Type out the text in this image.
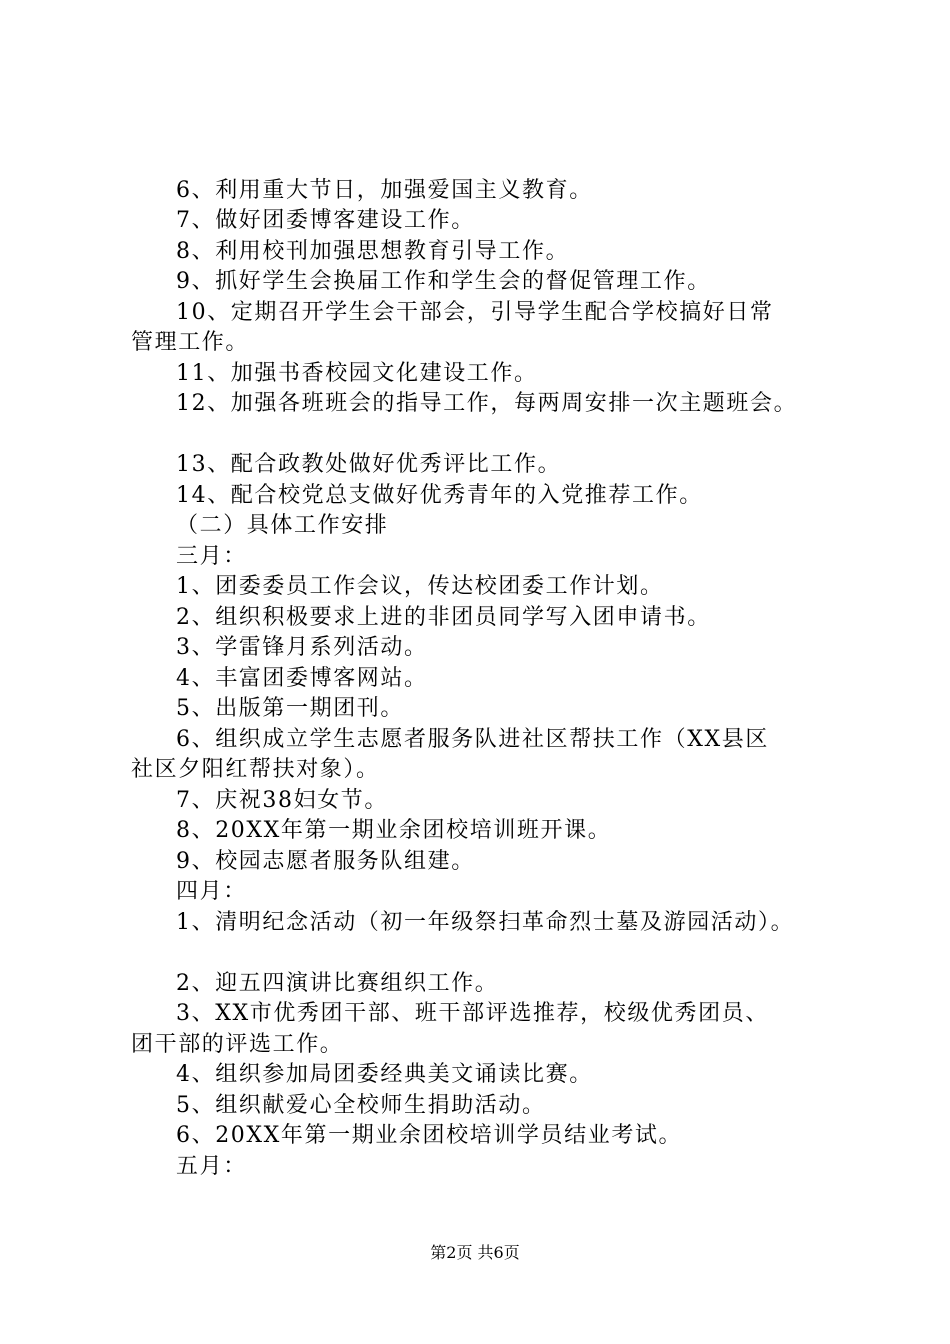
6、利用重大节日，加强爱国主义教育。
7、做好团委博客建设工作。
8、利用校刊加强思想教育引导工作。
9、抓好学生会换届工作和学生会的督促管理工作。
10、定期召开学生会干部会，引导学生配合学校搞好日常
管理工作。
11、加强书香校园文化建设工作。
12、加强各班班会的指导工作，每两周安排一次主题班会。
13、配合政教处做好优秀评比工作。
14、配合校党总支做好优秀青年的入党推荐工作。
（二）具体工作安排
三月：
1、团委委员工作会议，传达校团委工作计划。
2、组织积极要求上进的非团员同学写入团申请书。
3、学雷锋月系列活动。
4、丰富团委博客网站。
5、出版第一期团刊。
6、组织成立学生志愿者服务队进社区帮扶工作（XX县区
社区夕阳红帮扶对象）。
7、庆祝38妇女节。
8、20XX年第一期业余团校培训班开课。
9、校园志愿者服务队组建。
四月：
1、清明纪念活动（初一年级祭扫革命烈士墓及游园活动）。
2、迎五四演讲比赛组织工作。
3、XX市优秀团干部、班干部评选推荐，校级优秀团员、
团干部的评选工作。
4、组织参加局团委经典美文诵读比赛。
5、组织献爱心全校师生捐助活动。
6、20XX年第一期业余团校培训学员结业考试。
五月：
第2页 共6页
